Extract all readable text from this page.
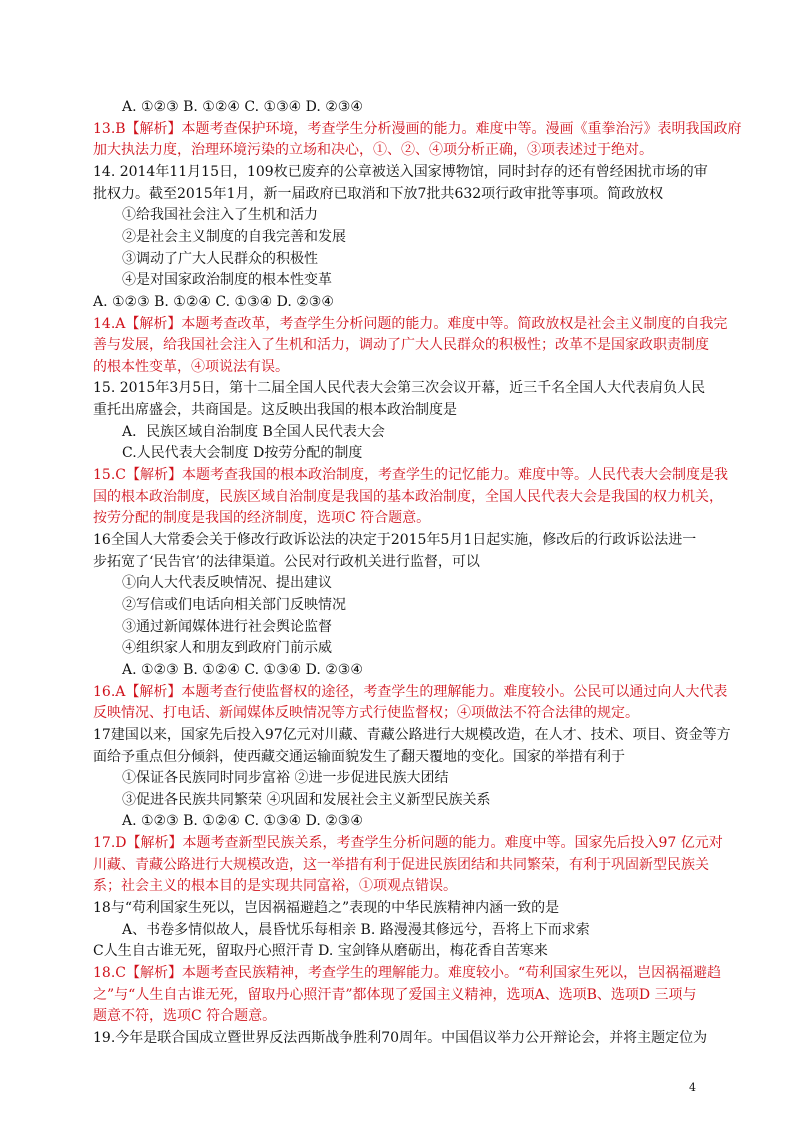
A. ①②③ B. ①②④ C. ①③④ D. ②③④
13.B【解析】本题考查保护环境，考查学生分析漫画的能力。难度中等。漫画《重拳治污》表明我国政府
加大执法力度，治理环境污染的立场和决心，①、②、④项分析正确，③项表述过于绝对。
14. 2014年11月15日，109枚已废弃的公章被送入国家博物馆，同时封存的还有曾经困扰市场的审
批权力。截至2015年1月，新一届政府已取消和下放7批共632项行政审批等事项。简政放权
①给我国社会注入了生机和活力
②是社会主义制度的自我完善和发展
③调动了广大人民群众的积极性
④是对国家政治制度的根本性变革
A. ①②③ B. ①②④ C. ①③④ D. ②③④
14.A【解析】本题考查改革，考查学生分析问题的能力。难度中等。简政放权是社会主义制度的自我完
善与发展，给我国社会注入了生机和活力，调动了广大人民群众的积极性；改革不是国家政职责制度
的根本性变革，④项说法有误。
15. 2015年3月5日，第十二届全国人民代表大会第三次会议开幕，近三千名全国人大代表肩负人民
重托出席盛会，共商国是。这反映出我国的根本政治制度是
A．民族区域自治制度 B全国人民代表大会
C.人民代表大会制度 D按劳分配的制度
15.C【解析】本题考查我国的根本政治制度，考查学生的记忆能力。难度中等。人民代表大会制度是我
国的根本政治制度，民族区域自治制度是我国的基本政治制度，全国人民代表大会是我国的权力机关，
按劳分配的制度是我国的经济制度，选项C 符合题意。
16全国人大常委会关于修改行政诉讼法的决定于2015年5月1日起实施，修改后的行政诉讼法进一
步拓宽了‘民告官’的法律渠道。公民对行政机关进行监督，可以
①向人大代表反映情况、提出建议
②写信或们电话向相关部门反映情况
③通过新闻媒体进行社会舆论监督
④组织家人和朋友到政府门前示威
A. ①②③ B. ①②④ C. ①③④ D. ②③④
16.A【解析】本题考查行使监督权的途径，考查学生的理解能力。难度较小。公民可以通过向人大代表
反映情况、打电话、新闻媒体反映情况等方式行使监督权；④项做法不符合法律的规定。
17建国以来，国家先后投入97亿元对川藏、青藏公路进行大规模改造，在人才、技术、项目、资金等方
面给予重点但分倾斜，使西藏交通运输面貌发生了翻天覆地的变化。国家的举措有利于
①保证各民族同时同步富裕 ②进一步促进民族大团结
③促进各民族共同繁荣 ④巩固和发展社会主义新型民族关系
A. ①②③ B. ①②④ C. ①③④ D. ②③④
17.D【解析】本题考查新型民族关系，考查学生分析问题的能力。难度中等。国家先后投入97 亿元对
川藏、青藏公路进行大规模改造，这一举措有利于促进民族团结和共同繁荣，有利于巩固新型民族关
系；社会主义的根本目的是实现共同富裕，①项观点错误。
18与“苟利国家生死以，岂因祸福避趋之”表现的中华民族精神内涵一致的是
A、书卷多情似故人，晨昏忧乐每相亲 B. 路漫漫其修远兮，吾将上下而求索
C人生自古谁无死，留取丹心照汗青 D. 宝剑锋从磨砺出，梅花香自苦寒来
18.C【解析】本题考查民族精神，考查学生的理解能力。难度较小。“苟利国家生死以，岂因祸福避趋
之”与“人生自古谁无死，留取丹心照汗青”都体现了爱国主义精神，选项A、选项B、选项D 三项与
题意不符，选项C 符合题意。
19.今年是联合国成立暨世界反法西斯战争胜利70周年。中国倡议举力公开辩论会，并将主题定位为
4
